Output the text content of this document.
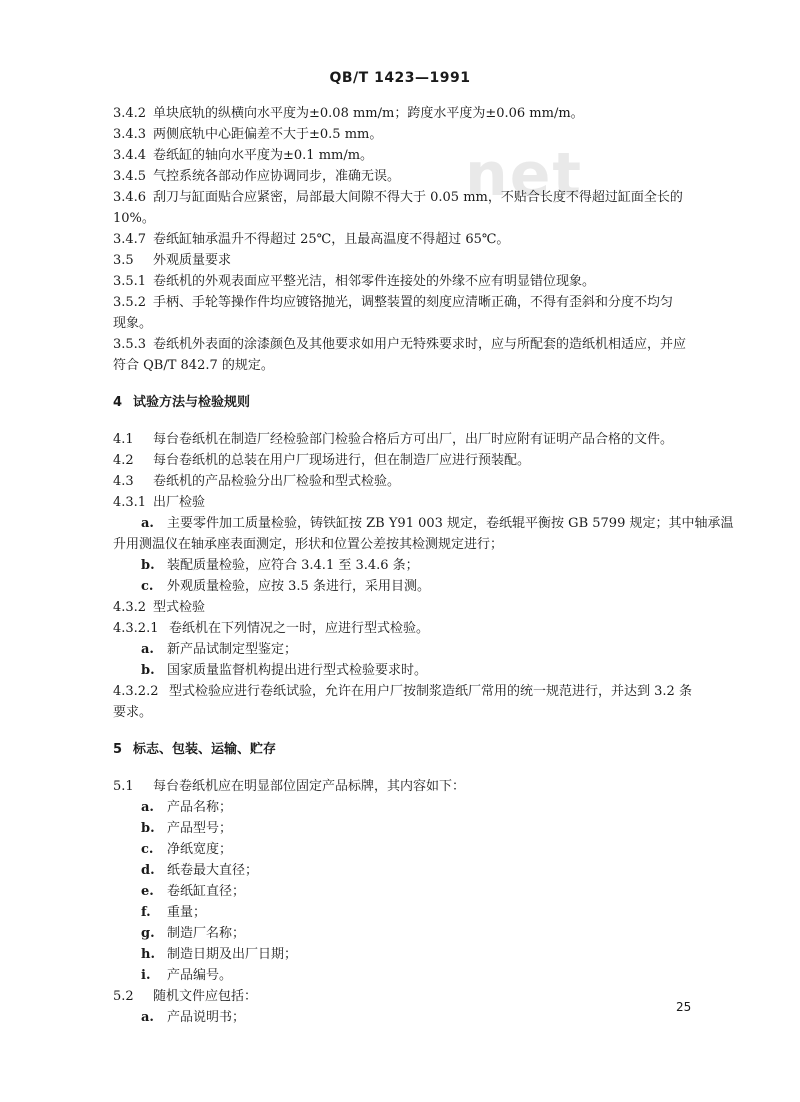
QB/T 1423—1991
net
3.4.2 单块底轨的纵横向水平度为±0.08 mm/m；跨度水平度为±0.06 mm/m。
3.4.3 两侧底轨中心距偏差不大于±0.5 mm。
3.4.4 卷纸缸的轴向水平度为±0.1 mm/m。
3.4.5 气控系统各部动作应协调同步，准确无误。
3.4.6 刮刀与缸面贴合应紧密，局部最大间隙不得大于 0.05 mm，不贴合长度不得超过缸面全长的
10%。
3.4.7 卷纸缸轴承温升不得超过 25℃，且最高温度不得超过 65℃。
3.5 外观质量要求
3.5.1 卷纸机的外观表面应平整光洁，相邻零件连接处的外缘不应有明显错位现象。
3.5.2 手柄、手轮等操作件均应镀铬抛光，调整装置的刻度应清晰正确，不得有歪斜和分度不均匀
现象。
3.5.3 卷纸机外表面的涂漆颜色及其他要求如用户无特殊要求时，应与所配套的造纸机相适应，并应
符合 QB/T 842.7 的规定。
4 试验方法与检验规则
4.1 每台卷纸机在制造厂经检验部门检验合格后方可出厂，出厂时应附有证明产品合格的文件。
4.2 每台卷纸机的总装在用户厂现场进行，但在制造厂应进行预装配。
4.3 卷纸机的产品检验分出厂检验和型式检验。
4.3.1 出厂检验
a. 主要零件加工质量检验，铸铁缸按 ZB Y91 003 规定，卷纸辊平衡按 GB 5799 规定；其中轴承温
升用测温仪在轴承座表面测定，形状和位置公差按其检测规定进行；
b. 装配质量检验，应符合 3.4.1 至 3.4.6 条；
c. 外观质量检验，应按 3.5 条进行，采用目测。
4.3.2 型式检验
4.3.2.1 卷纸机在下列情况之一时，应进行型式检验。
a. 新产品试制定型鉴定；
b. 国家质量监督机构提出进行型式检验要求时。
4.3.2.2 型式检验应进行卷纸试验，允许在用户厂按制浆造纸厂常用的统一规范进行，并达到 3.2 条
要求。
5 标志、包装、运输、贮存
5.1 每台卷纸机应在明显部位固定产品标牌，其内容如下：
a. 产品名称；
b. 产品型号；
c. 净纸宽度；
d. 纸卷最大直径；
e. 卷纸缸直径；
f. 重量；
g. 制造厂名称；
h. 制造日期及出厂日期；
i. 产品编号。
5.2 随机文件应包括：
a. 产品说明书；
25
